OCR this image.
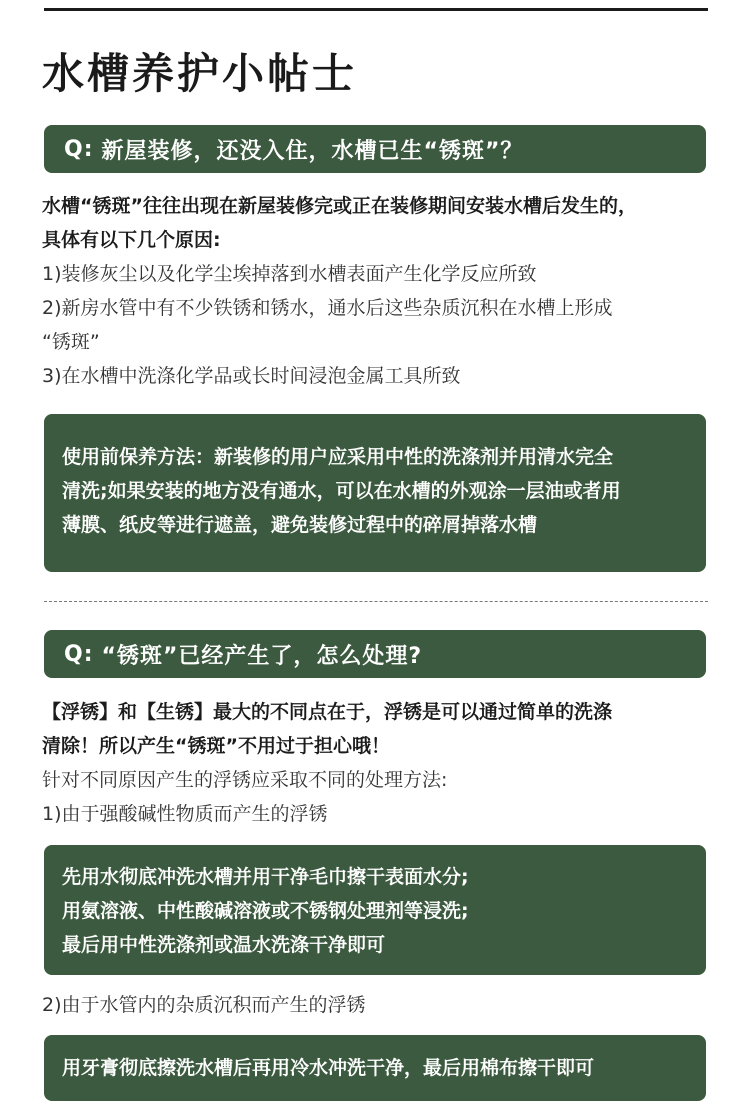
水槽养护小帖士
Q: 新屋装修，还没入住，水槽已生“锈斑”？
水槽“锈斑”往往出现在新屋装修完或正在装修期间安装水槽后发生的，
具体有以下几个原因:
1)装修灰尘以及化学尘埃掉落到水槽表面产生化学反应所致
2)新房水管中有不少铁锈和锈水，通水后这些杂质沉积在水槽上形成
“锈斑”
3)在水槽中洗涤化学品或长时间浸泡金属工具所致

使用前保养方法：新装修的用户应采用中性的洗涤剂并用清水完全

清洗;如果安装的地方没有通水，可以在水槽的外观涂一层油或者用

薄膜、纸皮等进行遮盖，避免装修过程中的碎屑掉落水槽

Q: “锈斑”已经产生了，怎么处理?
【浮锈】和【生锈】最大的不同点在于，浮锈是可以通过简单的洗涤
清除！所以产生“锈斑”不用过于担心哦！
针对不同原因产生的浮锈应采取不同的处理方法:
1)由于强酸碱性物质而产生的浮锈

先用水彻底冲洗水槽并用干净毛巾擦干表面水分;

用氨溶液、中性酸碱溶液或不锈钢处理剂等浸洗;

最后用中性洗涤剂或温水洗涤干净即可

2)由于水管内的杂质沉积而产生的浮锈

用牙膏彻底擦洗水槽后再用冷水冲洗干净，最后用棉布擦干即可
